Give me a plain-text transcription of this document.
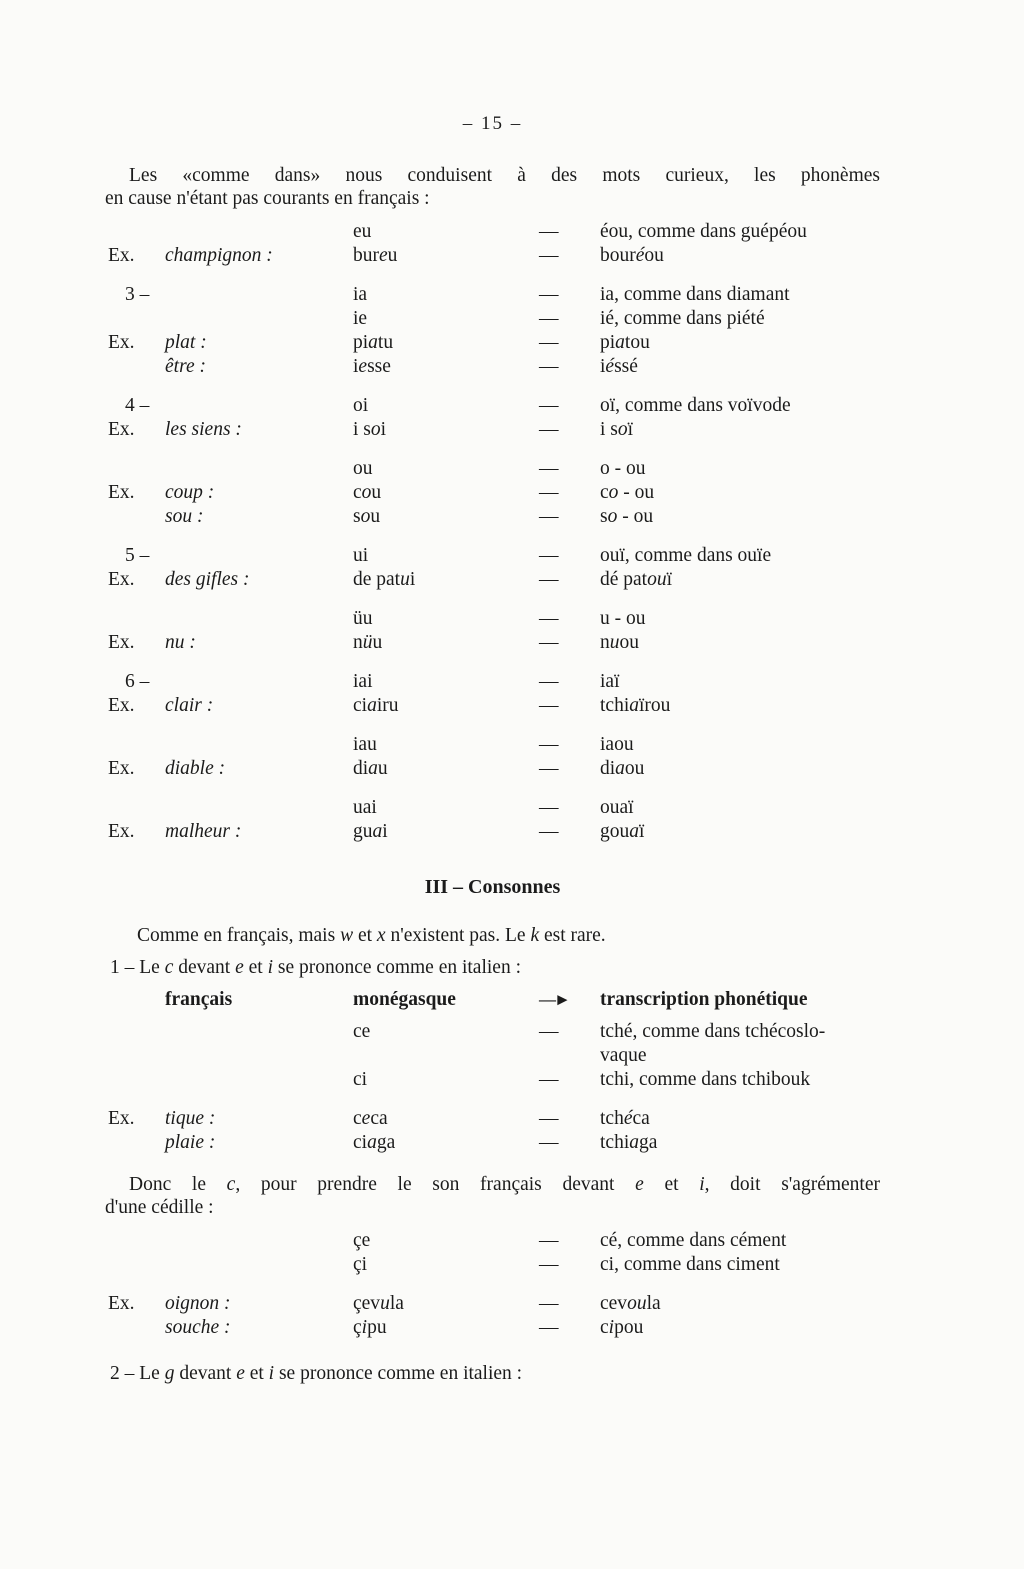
– 15 –

Les «comme dans» nous conduisent à des mots curieux, les phonèmes
en cause n'étant pas courants en français :

eu	—	éou, comme dans guépéou
Ex.	champignon :	bureu	—	bouréou
3 –	ia	—	ia, comme dans diamant
ie	—	ié, comme dans piété
Ex.	plat :	piatu	—	piatou
être :	iesse	—	iéssé
4 –	oi	—	oï, comme dans voïvode
Ex.	les siens :	i soi	—	i soï
ou	—	o - ou
Ex.	coup :	cou	—	co - ou
sou :	sou	—	so - ou
5 –	ui	—	ouï, comme dans ouïe
Ex.	des gifles :	de patui	—	dé patouï
üu	—	u - ou
Ex.	nu :	nüu	—	nuou
6 –	iai	—	iaï
Ex.	clair :	ciairu	—	tchiaïrou
iau	—	iaou
Ex.	diable :	diau	—	diaou
uai	—	ouaï
Ex.	malheur :	guai	—	gouaï
III – Consonnes

Comme en français, mais w et x n'existent pas. Le k est rare.

1 – Le c devant e et i se prononce comme en italien :

français	monégasque	—►	transcription phonétique
ce	—	tché, comme dans tchécoslo-
vaque
ci	—	tchi, comme dans tchibouk
Ex.	tique :	ceca	—	tchéca
plaie :	ciaga	—	tchiaga

Donc le c, pour prendre le son français devant e et i, doit s'agrémenter
d'une cédille :

çe	—	cé, comme dans cément
çi	—	ci, comme dans ciment
Ex.	oignon :	çevula	—	cevoula
souche :	çipu	—	cipou

2 – Le g devant e et i se prononce comme en italien :
